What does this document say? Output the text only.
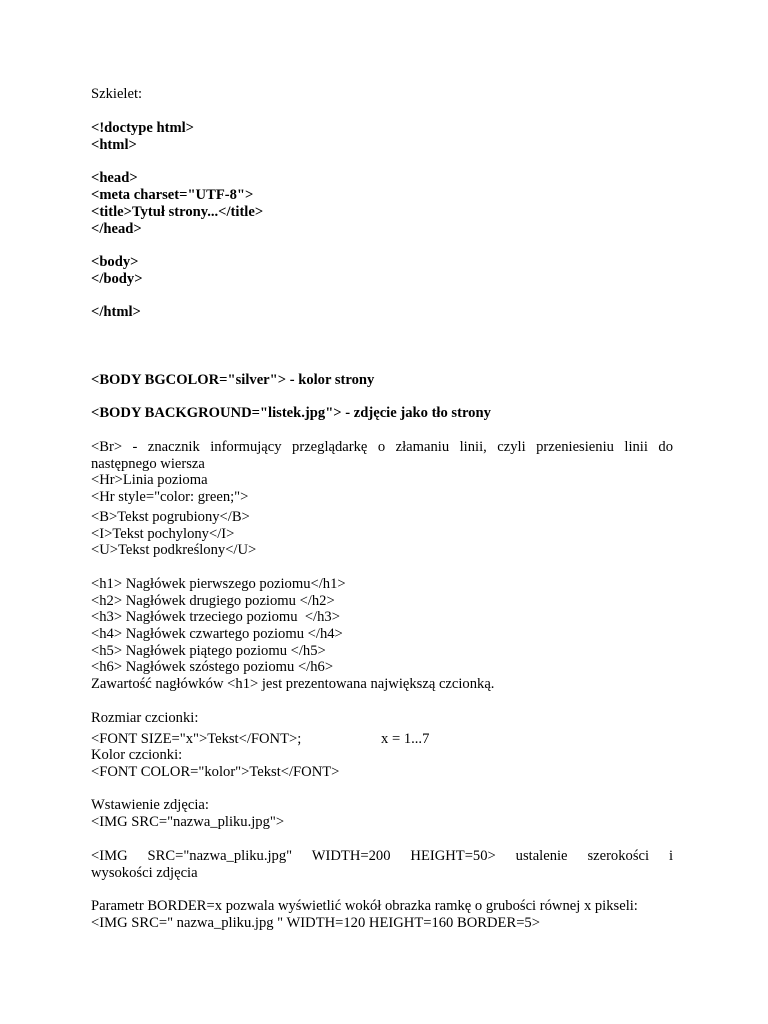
Szkielet:
<!doctype html>
<html>
<head>
<meta charset="UTF-8">
<title>Tytuł strony...</title>
</head>
<body>
</body>
</html>
<BODY BGCOLOR="silver"> - kolor strony
<BODY BACKGROUND="listek.jpg"> - zdjęcie jako tło strony
<Br> - znacznik informujący przeglądarkę o złamaniu linii, czyli przeniesieniu linii do
następnego wiersza
<Hr>Linia pozioma
<Hr style="color: green;">
<B>Tekst pogrubiony</B>
<I>Tekst pochylony</I>
<U>Tekst podkreślony</U>
<h1> Nagłówek pierwszego poziomu</h1>
<h2> Nagłówek drugiego poziomu </h2>
<h3> Nagłówek trzeciego poziomu  </h3>
<h4> Nagłówek czwartego poziomu </h4>
<h5> Nagłówek piątego poziomu </h5>
<h6> Nagłówek szóstego poziomu </h6>
Zawartość nagłówków <h1> jest prezentowana największą czcionką.
Rozmiar czcionki:

<FONT SIZE="x">Tekst</FONT>;

	x = 1...7

Kolor czcionki:
<FONT COLOR="kolor">Tekst</FONT>
Wstawienie zdjęcia:
<IMG SRC="nazwa_pliku.jpg">
<IMG SRC="nazwa_pliku.jpg" WIDTH=200 HEIGHT=50> ustalenie szerokości i
wysokości zdjęcia
Parametr BORDER=x pozwala wyświetlić wokół obrazka ramkę o grubości równej x pikseli:
<IMG SRC=" nazwa_pliku.jpg " WIDTH=120 HEIGHT=160 BORDER=5>
